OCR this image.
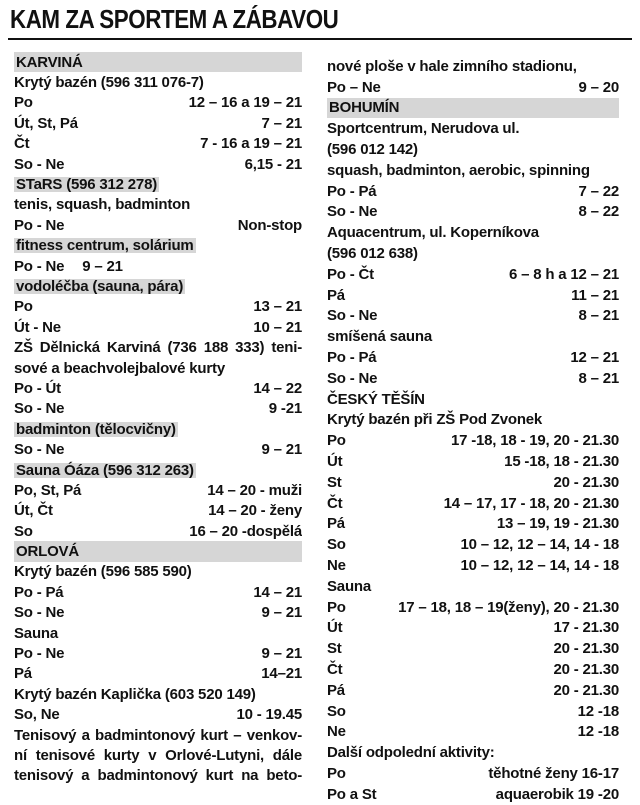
KAM ZA SPORTEM A ZÁBAVOU
KARVINÁ
Krytý bazén (596 311 076-7)
Po	12 – 16 a 19 – 21
Út, St, Pá	7 – 21
Čt	7 - 16 a 19 – 21
So - Ne	6,15 - 21
STaRS (596 312 278)
tenis, squash, badminton
Po - Ne	Non-stop
fitness centrum, solárium
Po - Ne 9 – 21
vodoléčba (sauna, pára)
Po	13 – 21
Út - Ne	10 – 21
ZŠ Dělnická Karviná (736 188 333) teni-
sové a beachvolejbalové kurty
Po - Út	14 – 22
So - Ne	9 -21
badminton (tělocvičny)
So - Ne	9 – 21
Sauna Óáza (596 312 263)
Po, St, Pá	14 – 20 - muži
Út, Čt	14 – 20 - ženy
So	16 – 20 -dospělá
ORLOVÁ
Krytý bazén (596 585 590)
Po - Pá	14 – 21
So - Ne	9 – 21
Sauna
Po - Ne	9 – 21
Pá	14–21
Krytý bazén Kaplička (603 520 149)
So, Ne	10 - 19.45
Tenisový a badmintonový kurt – venkov-
ní tenisové kurty v Orlové-Lutyni, dále
tenisový a badmintonový kurt na beto-
nové ploše v hale zimního stadionu,
Po – Ne	9 – 20
BOHUMÍN
Sportcentrum, Nerudova ul.
(596 012 142)
squash, badminton, aerobic, spinning
Po - Pá	7 – 22
So - Ne	8 – 22
Aquacentrum, ul. Koperníkova
(596 012 638)
Po - Čt	6 – 8 h a 12 – 21
Pá	11 – 21
So - Ne	8 – 21
smíšená sauna
Po - Pá	12 – 21
So - Ne	8 – 21
ČESKÝ TĚŠÍN
Krytý bazén při ZŠ Pod Zvonek
Po	17 -18, 18 - 19, 20 - 21.30
Út	15 -18, 18 - 21.30
St	20 - 21.30
Čt	14 – 17, 17 - 18, 20 - 21.30
Pá	13 – 19, 19 - 21.30
So	10 – 12, 12 – 14, 14 - 18
Ne	10 – 12, 12 – 14, 14 - 18
Sauna
Po	17 – 18, 18 – 19(ženy), 20 - 21.30
Út	17 - 21.30
St	20 - 21.30
Čt	20 - 21.30
Pá	20 - 21.30
So	12 -18
Ne	12 -18
Další odpolední aktivity:
Po	těhotné ženy 16-17
Po a St	aquaerobik 19 -20
